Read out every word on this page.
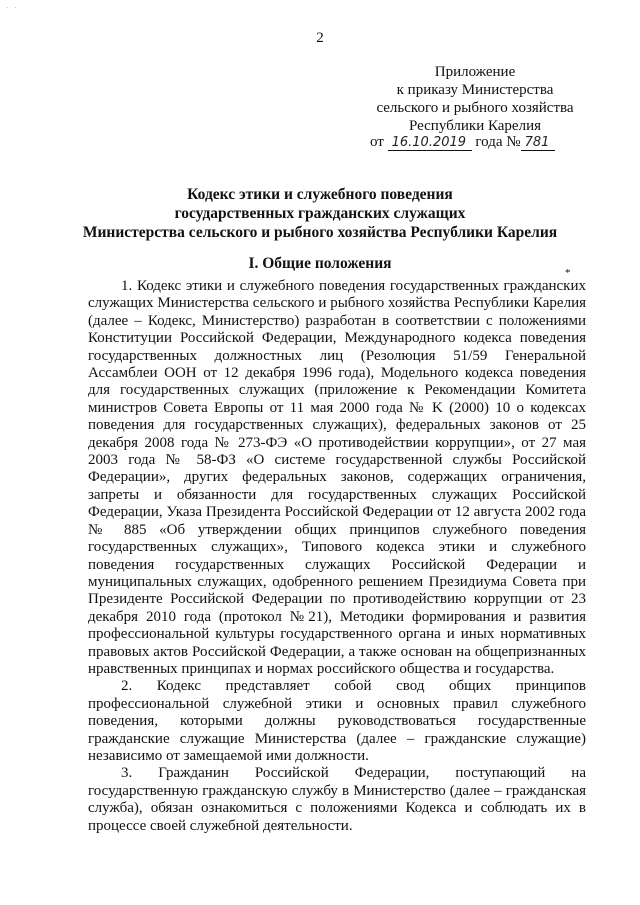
· ·
2
Приложение
к приказу Министерства
сельского и рыбного хозяйства
Республики Карелия
от 16.10.2019 года № 781
Кодекс этики и служебного поведения
государственных гражданских служащих
Министерства сельского и рыбного хозяйства Республики Карелия
I. Общие положения
*

1. Кодекс этики и служебного поведения государственных гражданских служащих Министерства сельского и рыбного хозяйства Республики Карелия (далее – Кодекс, Министерство) разработан в соответствии с положениями Конституции Российской Федерации, Международного кодекса поведения государственных должностных лиц (Резолюция 51/59 Генеральной Ассамблеи ООН от 12 декабря 1996 года), Модельного кодекса поведения для государственных служащих (приложение к Рекомендации Комитета министров Совета Европы от 11 мая 2000 года № K (2000) 10 о кодексах поведения для государственных служащих), федеральных законов от 25 декабря 2008 года № 273-ФЭ «О противодействии коррупции», от 27 мая 2003 года № 58-ФЗ «О системе государственной службы Российской Федерации», других федеральных законов, содержащих ограничения, запреты и обязанности для государственных служащих Российской Федерации, Указа Президента Российской Федерации от 12 августа 2002 года № 885 «Об утверждении общих принципов служебного поведения государственных служащих», Типового кодекса этики и служебного поведения государственных служащих Российской Федерации и муниципальных служащих, одобренного решением Президиума Совета при Президенте Российской Федерации по противодействию коррупции от 23 декабря 2010 года (протокол №21), Методики формирования и развития профессиональной культуры государственного органа и иных нормативных правовых актов Российской Федерации, а также основан на общепризнанных нравственных принципах и нормах российского общества и государства.

2. Кодекс представляет собой свод общих принципов профессиональной служебной этики и основных правил служебного поведения, которыми должны руководствоваться государственные гражданские служащие Министерства (далее – гражданские служащие) независимо от замещаемой ими должности.

3. Гражданин Российской Федерации, поступающий на государственную гражданскую службу в Министерство (далее – гражданская служба), обязан ознакомиться с положениями Кодекса и соблюдать их в процессе своей служебной деятельности.
